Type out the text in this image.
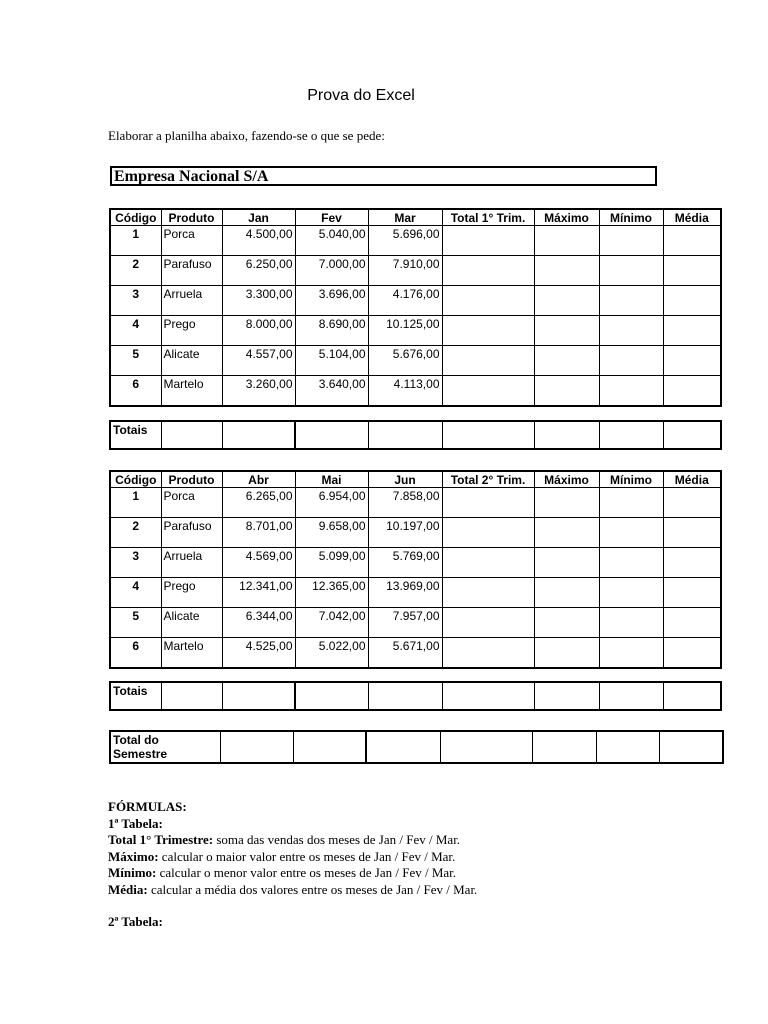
Prova do Excel
Elaborar a planilha abaixo, fazendo-se o que se pede:
Empresa Nacional S/A
Código	Produto	Jan	Fev	Mar	Total 1° Trim.	Máximo	Mínimo	Média
1	Porca	4.500,00	5.040,00	5.696,00				
2	Parafuso	6.250,00	7.000,00	7.910,00				
3	Arruela	3.300,00	3.696,00	4.176,00				
4	Prego	8.000,00	8.690,00	10.125,00				
5	Alicate	4.557,00	5.104,00	5.676,00				
6	Martelo	3.260,00	3.640,00	4.113,00				
Totais								
Código	Produto	Abr	Mai	Jun	Total 2° Trim.	Máximo	Mínimo	Média
1	Porca	6.265,00	6.954,00	7.858,00				
2	Parafuso	8.701,00	9.658,00	10.197,00				
3	Arruela	4.569,00	5.099,00	5.769,00				
4	Prego	12.341,00	12.365,00	13.969,00				
5	Alicate	6.344,00	7.042,00	7.957,00				
6	Martelo	4.525,00	5.022,00	5.671,00				
Totais								
Total do
Semestre

FÓRMULAS:
1ª Tabela:
Total 1° Trimestre: soma das vendas dos meses de Jan / Fev / Mar.
Máximo: calcular o maior valor entre os meses de Jan / Fev / Mar.
Mínimo: calcular o menor valor entre os meses de Jan / Fev / Mar.
Média: calcular a média dos valores entre os meses de Jan / Fev / Mar.
2ª Tabela:
